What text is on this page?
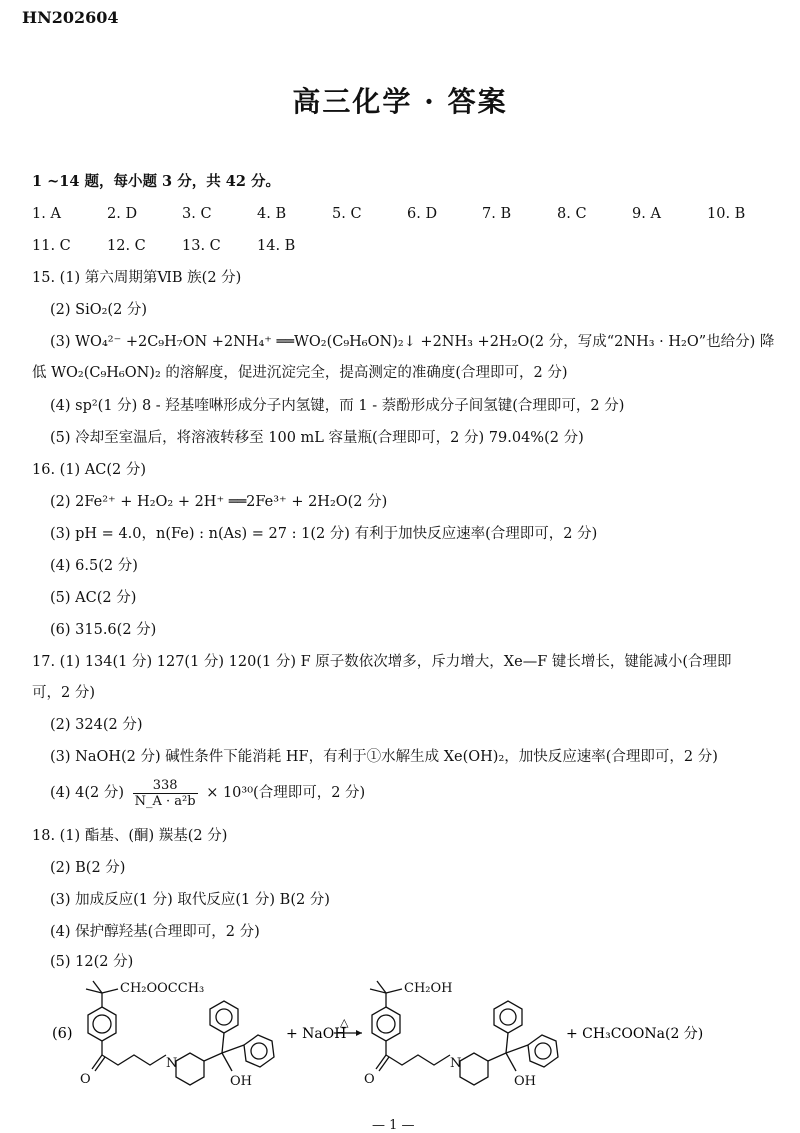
HN202604
高三化学 · 答案
1 ~14 题，每小题 3 分，共 42 分。
1. A	2. D	3. C	4. B	5. C	6. D	7. B	8. C	9. A	10. B
11. C 12. C 13. C 14. B
15. (1) 第六周期第ⅥB 族(2 分)
(2) SiO₂(2 分)
(3) WO₄²⁻ +2C₉H₇ON +2NH₄⁺ ══WO₂(C₉H₆ON)₂↓ +2NH₃ +2H₂O(2 分，写成“2NH₃ · H₂O”也给分) 降
低 WO₂(C₉H₆ON)₂ 的溶解度，促进沉淀完全，提高测定的准确度(合理即可，2 分)
(4) sp²(1 分) 8 - 羟基喹啉形成分子内氢键，而 1 - 萘酚形成分子间氢键(合理即可，2 分)
(5) 冷却至室温后，将溶液转移至 100 mL 容量瓶(合理即可，2 分) 79.04%(2 分)
16. (1) AC(2 分)
(2) 2Fe²⁺ + H₂O₂ + 2H⁺ ══2Fe³⁺ + 2H₂O(2 分)
(3) pH = 4.0，n(Fe) : n(As) = 27 : 1(2 分) 有利于加快反应速率(合理即可，2 分)
(4) 6.5(2 分)
(5) AC(2 分)
(6) 315.6(2 分)
17. (1) 134(1 分) 127(1 分) 120(1 分) F 原子数依次增多，斥力增大，Xe—F 键长增长，键能减小(合理即
可，2 分)
(2) 324(2 分)
(3) NaOH(2 分) 碱性条件下能消耗 HF，有利于①水解生成 Xe(OH)₂，加快反应速率(合理即可，2 分)
(4) 4(2 分) $\frac{338}{\text{N\_A · a²b}} \times 10^{30}$(合理即可，2 分)
18. (1) 酯基、(酮) 羰基(2 分)
(2) B(2 分)
(3) 加成反应(1 分) 取代反应(1 分) B(2 分)
(4) 保护醇羟基(合理即可，2 分)
(5) 12(2 分)
(6)
CH₂OOCCH₃
O
N
OH
+ NaOH
△
CH₂OH
O
N
OH
+ CH₃COONa(2 分)
— 1 —
